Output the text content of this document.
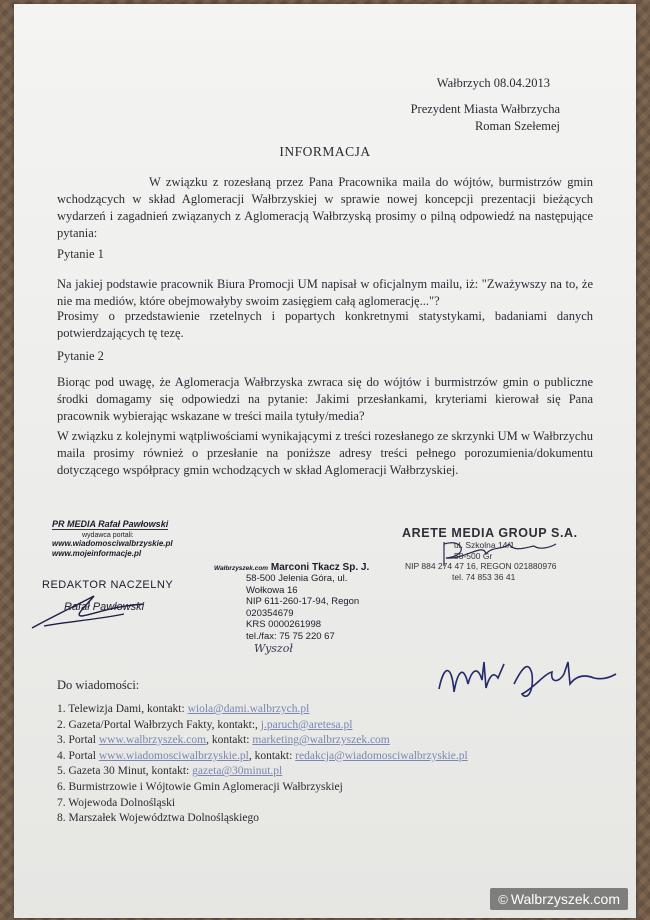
Wałbrzych 08.04.2013
Prezydent Miasta Wałbrzycha
Roman Szełemej
INFORMACJA
W związku z rozesłaną przez Pana Pracownika maila do wójtów, burmistrzów gmin wchodzących w skład Aglomeracji Wałbrzyskiej w sprawie nowej koncepcji prezentacji bieżących wydarzeń i zagadnień związanych z Aglomeracją Wałbrzyską prosimy o pilną odpowiedź na następujące pytania:
Pytanie 1
Na jakiej podstawie pracownik Biura Promocji UM napisał w oficjalnym mailu, iż: "Zważywszy na to, że nie ma mediów, które obejmowałyby swoim zasięgiem całą aglomerację..."?
Prosimy o przedstawienie rzetelnych i popartych konkretnymi statystykami, badaniami danych potwierdzających tę tezę.
Pytanie 2
Biorąc pod uwagę, że Aglomeracja Wałbrzyska zwraca się do wójtów i burmistrzów gmin o publiczne środki domagamy się odpowiedzi na pytanie: Jakimi przesłankami, kryteriami kierował się Pana pracownik wybierając wskazane w treści maila tytuły/media?
W związku z kolejnymi wątpliwościami wynikającymi z treści rozesłanego ze skrzynki UM w Wałbrzychu maila prosimy również o przesłanie na poniższe adresy treści pełnego porozumienia/dokumentu dotyczącego współpracy gmin wchodzących w skład Aglomeracji Wałbrzyskiej.
PR MEDIA Rafał Pawłowski
wydawca portali:
www.wiadomosciwalbrzyskie.pl
www.mojeinformacje.pl
REDAKTOR NACZELNY
Rafał Pawłowski
Wałbrzyszek.com Marconi Tkacz Sp. J.
58-500 Jelenia Góra, ul. Wołkowa 16
NIP 611-260-17-94, Regon 020354679
KRS 0000261998
tel./fax: 75 75 220 67
Wyszoł
ARETE MEDIA GROUP S.A.
ul. Szkolna 14/1
58-500 Gr
NIP 884 274 47 16, REGON 021880976
tel. 74 853 36 41
Do wiadomości:
1. Telewizja Dami, kontakt: wiola@dami.walbrzych.pl
2. Gazeta/Portal Wałbrzych Fakty, kontakt:, j.paruch@aretesa.pl
3. Portal www.walbrzyszek.com, kontakt: marketing@walbrzyszek.com
4. Portal www.wiadomosciwalbrzyskie.pl, kontakt: redakcja@wiadomosciwalbrzyskie.pl
5. Gazeta 30 Minut, kontakt: gazeta@30minut.pl
6. Burmistrzowie i Wójtowie Gmin Aglomeracji Wałbrzyskiej
7. Wojewoda Dolnośląski
8. Marszałek Województwa Dolnośląskiego
© Walbrzyszek.com
